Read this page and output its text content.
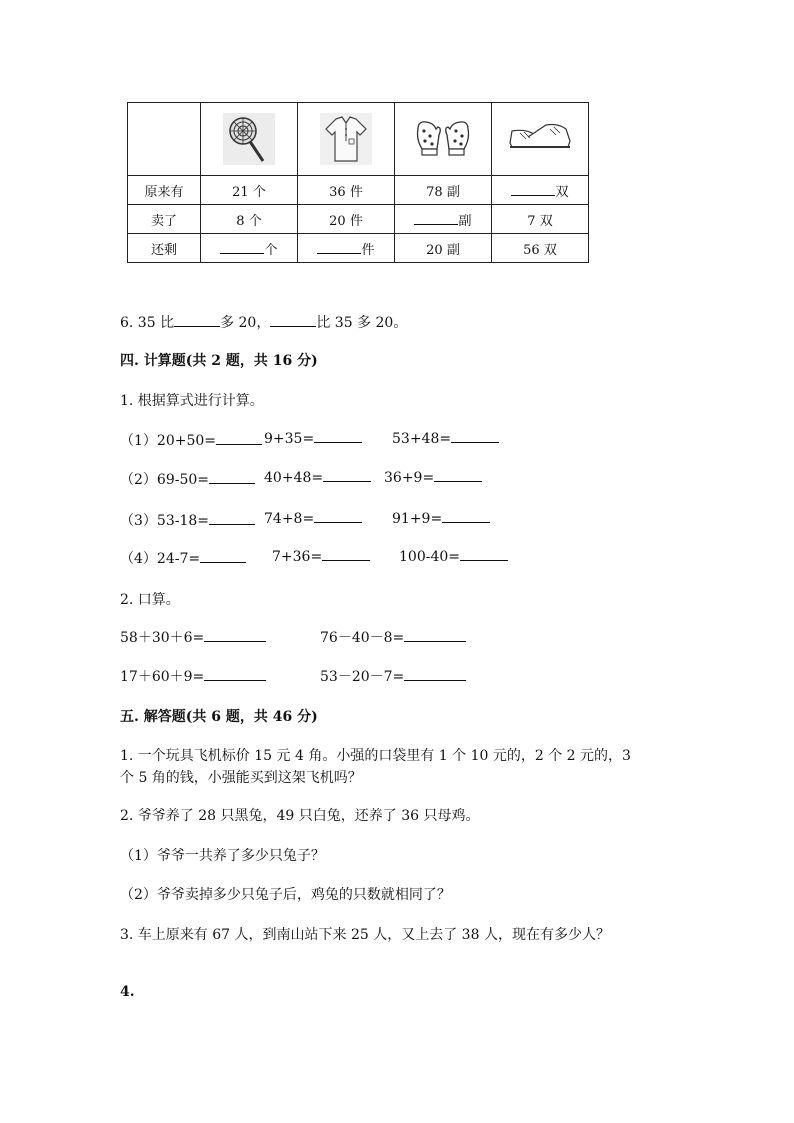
原来有	21 个	36 件	78 副	双
卖了	8 个	20 件	副	7 双
还剩	个	件	20 副	56 双
6. 35 比	多 20，	比 35 多 20。
四. 计算题(共 2 题，共 16 分)
1. 根据算式进行计算。
（1）20+50=	9+35=	53+48=
（2）69-50=	40+48=	36+9=
（3）53-18=	74+8=	91+9=
（4）24-7=	7+36=	100-40=
2. 口算。
58＋30＋6=	76－40－8=
17＋60＋9=	53－20－7=
五. 解答题(共 6 题，共 46 分)
1. 一个玩具飞机标价 15 元 4 角。小强的口袋里有 1 个 10 元的，2 个 2 元的，3
个 5 角的钱，小强能买到这架飞机吗？
2. 爷爷养了 28 只黑兔，49 只白兔，还养了 36 只母鸡。
（1）爷爷一共养了多少只兔子？
（2）爷爷卖掉多少只兔子后，鸡兔的只数就相同了？
3. 车上原来有 67 人，到南山站下来 25 人，又上去了 38 人，现在有多少人？
4.
